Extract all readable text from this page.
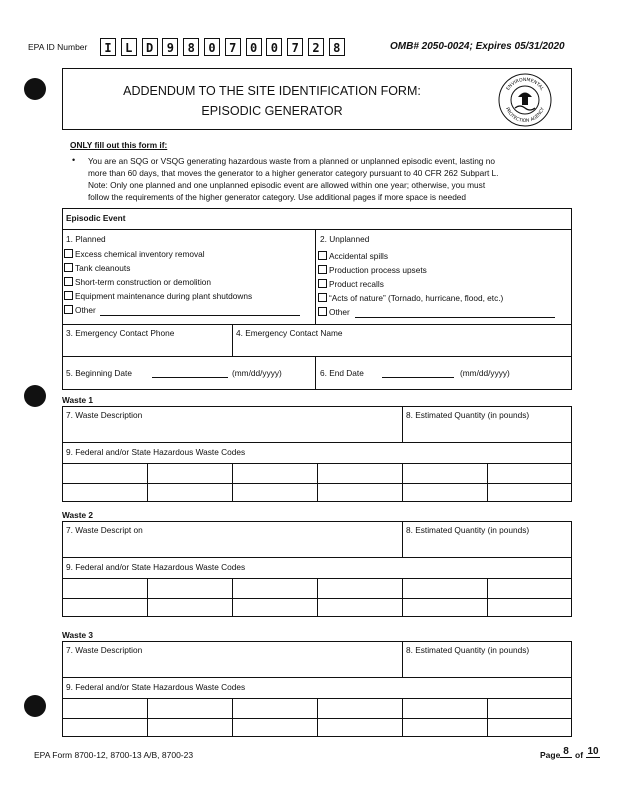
EPA ID Number	I	L	D	9	8	0	7	0	0	7	2	8	OMB# 2050-0024; Expires 05/31/2020
ADDENDUM TO THE SITE IDENTIFICATION FORM:
EPISODIC GENERATOR
ENVIRONMENTAL
PROTECTION AGENCY
ONLY fill out this form if:
• You are an SQG or VSQG generating hazardous waste from a planned or unplanned episodic event, lasting no
more than 60 days, that moves the generator to a higher generator category pursuant to 40 CFR 262 Subpart L.
Note: Only one planned and one unplanned episodic event are allowed within one year; otherwise, you must
follow the requirements of the higher generator category. Use additional pages if more space is needed
Episodic Event
1. Planned	2. Unplanned
Excess chemical inventory removal
Tank cleanouts
Short-term construction or demolition
Equipment maintenance during plant shutdowns
Other
Accidental spills
Production process upsets
Product recalls
“Acts of nature” (Tornado, hurricane, flood, etc.)
Other
3. Emergency Contact Phone	4. Emergency Contact Name
5. Beginning Date	(mm/dd/yyyy)	6. End Date	(mm/dd/yyyy)
Waste 1
7. Waste Description	8. Estimated Quantity (in pounds)
9. Federal and/or State Hazardous Waste Codes
Waste 2
7. Waste Descript on	8. Estimated Quantity (in pounds)
9. Federal and/or State Hazardous Waste Codes
Waste 3
7. Waste Description	8. Estimated Quantity (in pounds)
9. Federal and/or State Hazardous Waste Codes
EPA Form 8700-12, 8700-13 A/B, 8700-23	Page 8 of 10
